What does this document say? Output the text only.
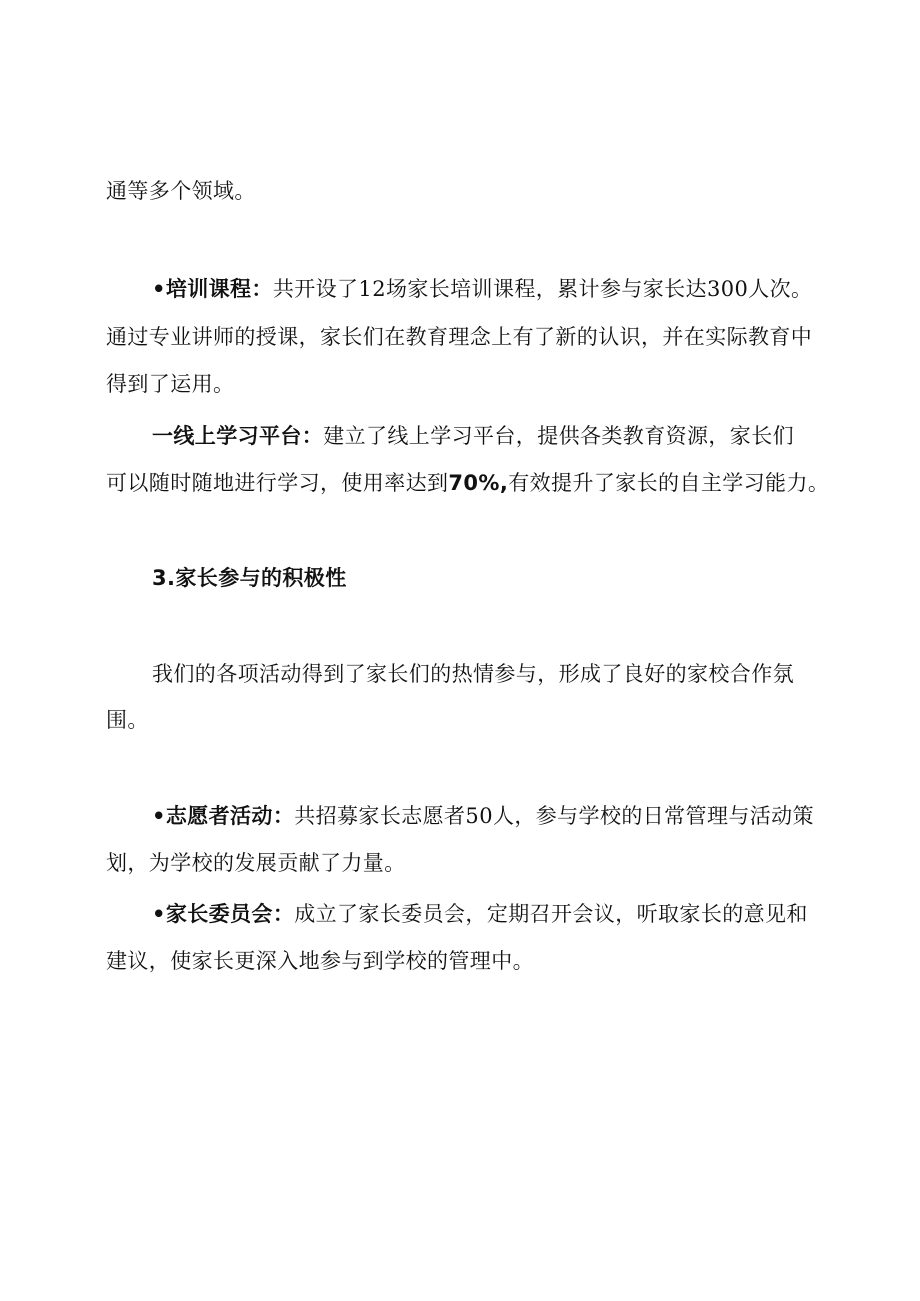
通等多个领域。
•培训课程：共开设了12场家长培训课程，累计参与家长达300人次。
通过专业讲师的授课，家长们在教育理念上有了新的认识，并在实际教育中
得到了运用。
一线上学习平台：建立了线上学习平台，提供各类教育资源，家长们
可以随时随地进行学习，使用率达到70%,有效提升了家长的自主学习能力。
3.家长参与的积极性
我们的各项活动得到了家长们的热情参与，形成了良好的家校合作氛
围。
•志愿者活动：共招募家长志愿者50人，参与学校的日常管理与活动策
划，为学校的发展贡献了力量。
•家长委员会：成立了家长委员会，定期召开会议，听取家长的意见和
建议，使家长更深入地参与到学校的管理中。
